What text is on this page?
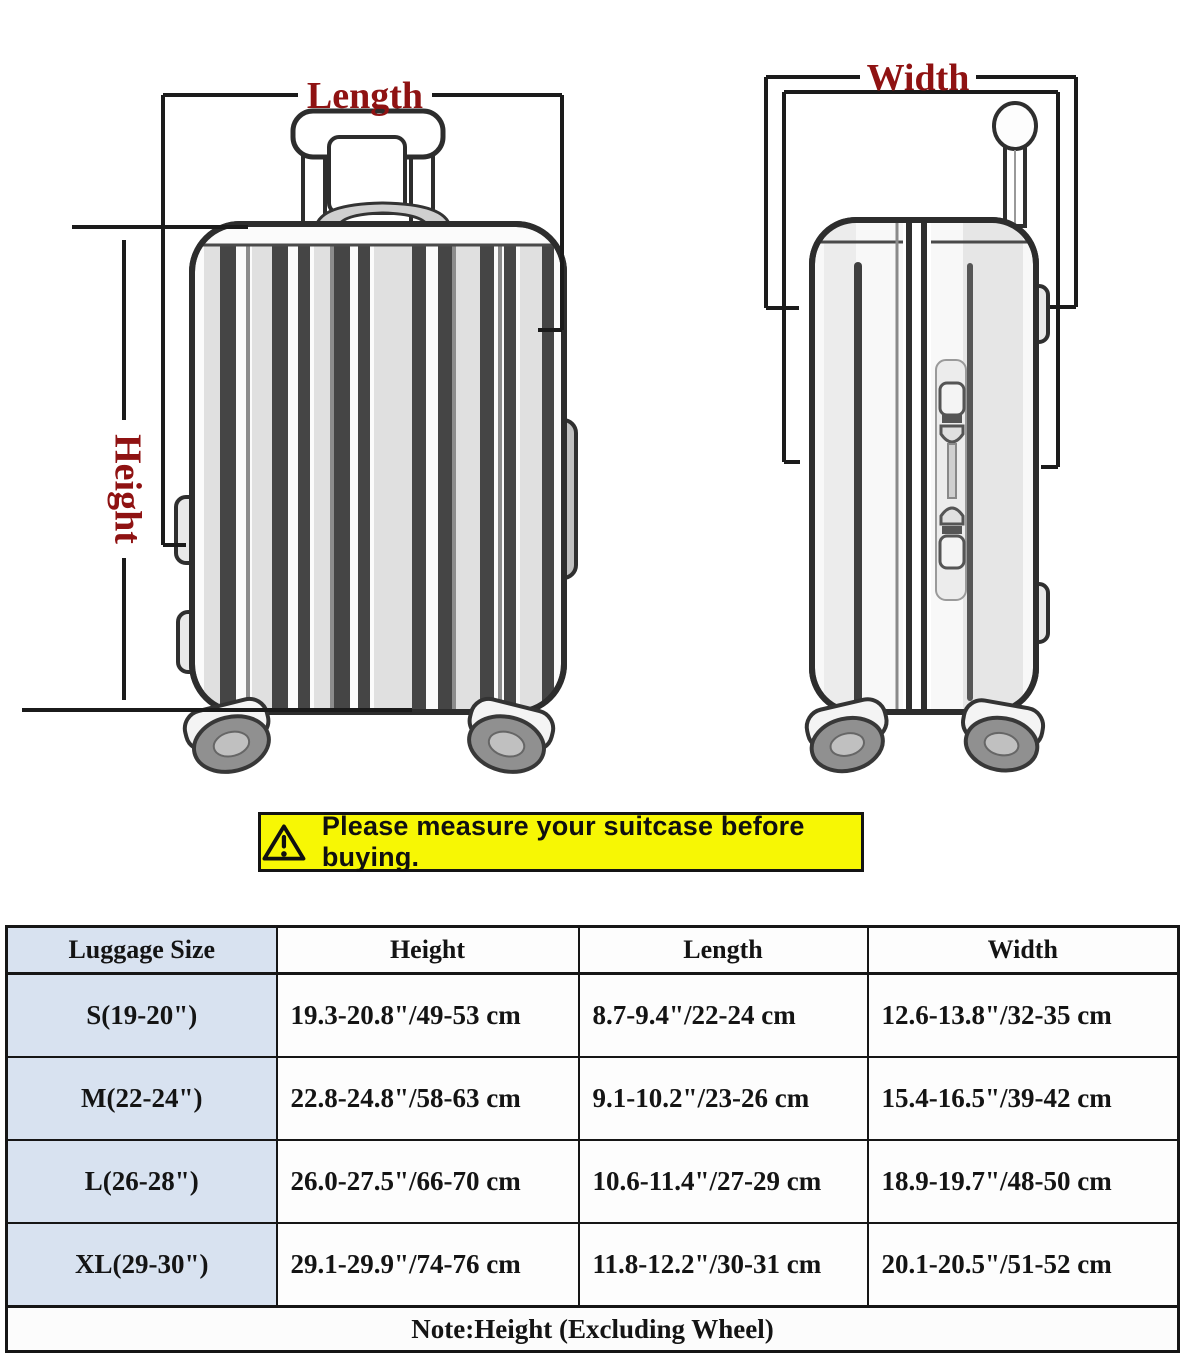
Length
Height
Width
Please measure your suitcase before buying.
Luggage Size	Height	Length	Width
S(19-20")	19.3-20.8"/49-53 cm	8.7-9.4"/22-24 cm	12.6-13.8"/32-35 cm
M(22-24")	22.8-24.8"/58-63 cm	9.1-10.2"/23-26 cm	15.4-16.5"/39-42 cm
L(26-28")	26.0-27.5"/66-70 cm	10.6-11.4"/27-29 cm	18.9-19.7"/48-50 cm
XL(29-30")	29.1-29.9"/74-76 cm	11.8-12.2"/30-31 cm	20.1-20.5"/51-52 cm
Note:Height (Excluding Wheel)			
